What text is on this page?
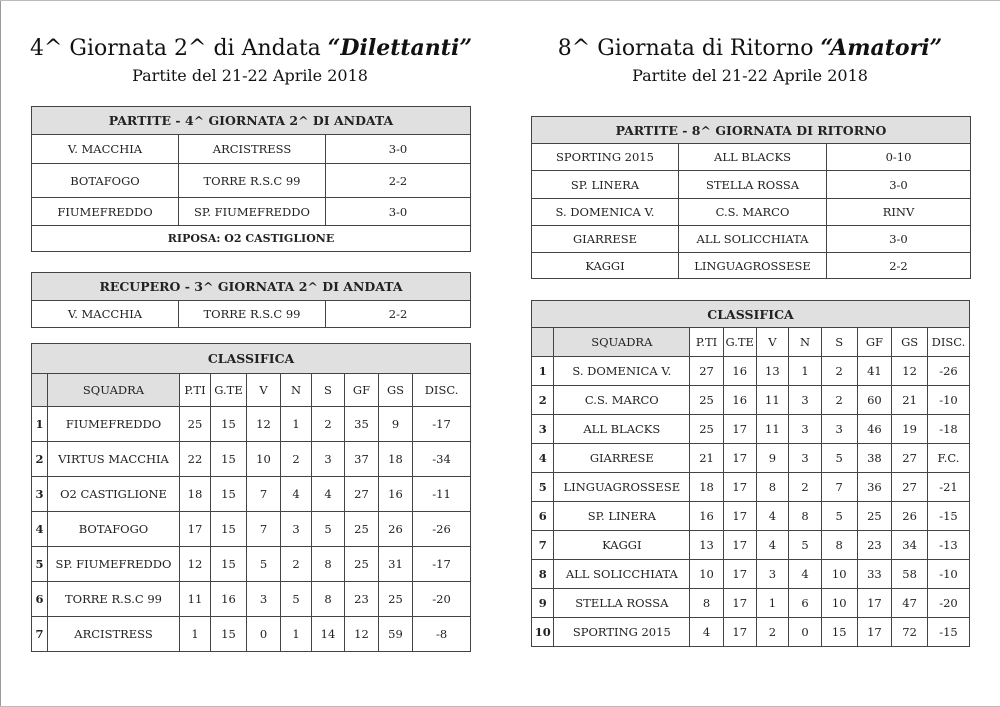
4^ Giornata 2^ di Andata “Dilettanti”
Partite del 21-22 Aprile 2018
PARTITE - 4^ GIORNATA 2^ DI ANDATA		
V. MACCHIA	ARCISTRESS	3-0
BOTAFOGO	TORRE R.S.C 99	2-2
FIUMEFREDDO	SP. FIUMEFREDDO	3-0
RIPOSA: O2 CASTIGLIONE		
RECUPERO - 3^ GIORNATA 2^ DI ANDATA
V. MACCHIA	TORRE R.S.C 99	2-2
CLASSIFICA									
	SQUADRA	P.TI	G.TE	V	N	S	GF	GS	DISC.
1	FIUMEFREDDO	25	15	12	1	2	35	9	-17
2	VIRTUS MACCHIA	22	15	10	2	3	37	18	-34
3	O2 CASTIGLIONE	18	15	7	4	4	27	16	-11
4	BOTAFOGO	17	15	7	3	5	25	26	-26
5	SP. FIUMEFREDDO	12	15	5	2	8	25	31	-17
6	TORRE R.S.C 99	11	16	3	5	8	23	25	-20
7	ARCISTRESS	1	15	0	1	14	12	59	-8
8^ Giornata di Ritorno “Amatori”
Partite del 21-22 Aprile 2018
PARTITE - 8^ GIORNATA DI RITORNO		
SPORTING 2015	ALL BLACKS	0-10
SP. LINERA	STELLA ROSSA	3-0
S. DOMENICA V.	C.S. MARCO	RINV
GIARRESE	ALL SOLICCHIATA	3-0
KAGGI	LINGUAGROSSESE	2-2
CLASSIFICA									
	SQUADRA	P.TI	G.TE	V	N	S	GF	GS	DISC.
1	S. DOMENICA V.	27	16	13	1	2	41	12	-26
2	C.S. MARCO	25	16	11	3	2	60	21	-10
3	ALL BLACKS	25	17	11	3	3	46	19	-18
4	GIARRESE	21	17	9	3	5	38	27	F.C.
5	LINGUAGROSSESE	18	17	8	2	7	36	27	-21
6	SP. LINERA	16	17	4	8	5	25	26	-15
7	KAGGI	13	17	4	5	8	23	34	-13
8	ALL SOLICCHIATA	10	17	3	4	10	33	58	-10
9	STELLA ROSSA	8	17	1	6	10	17	47	-20
10	SPORTING 2015	4	17	2	0	15	17	72	-15
